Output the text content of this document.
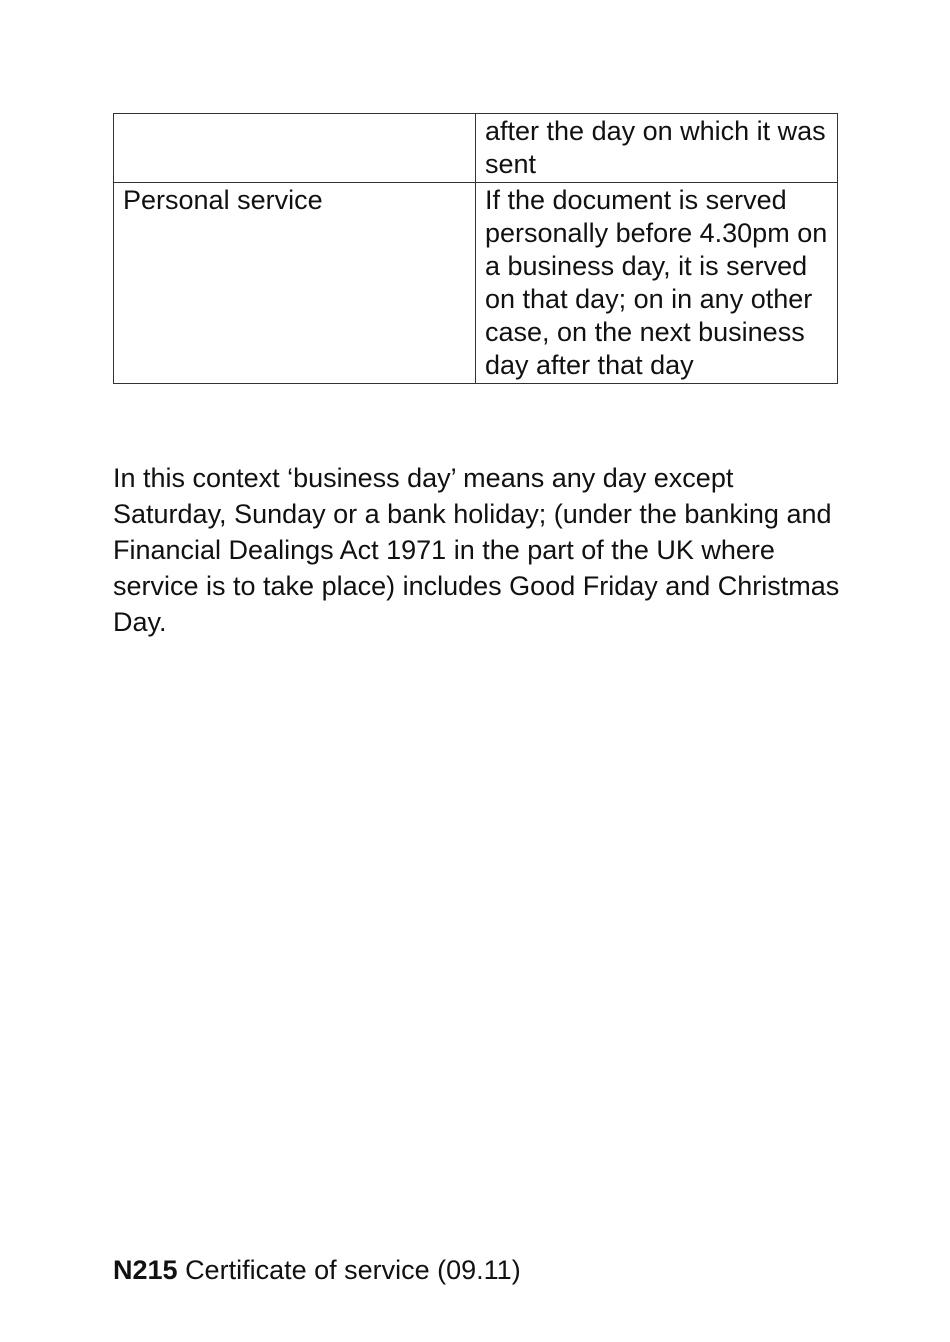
	after the day on which it was sent
Personal service	If the document is served personally before 4.30pm on a business day, it is served on that day; on in any other case, on the next business day after that day

In this context ‘business day’ means any day except Saturday, Sunday or a bank holiday; (under the banking and Financial Dealings Act 1971 in the part of the UK where service is to take place) includes Good Friday and Christmas Day.

N215 Certificate of service (09.11)
